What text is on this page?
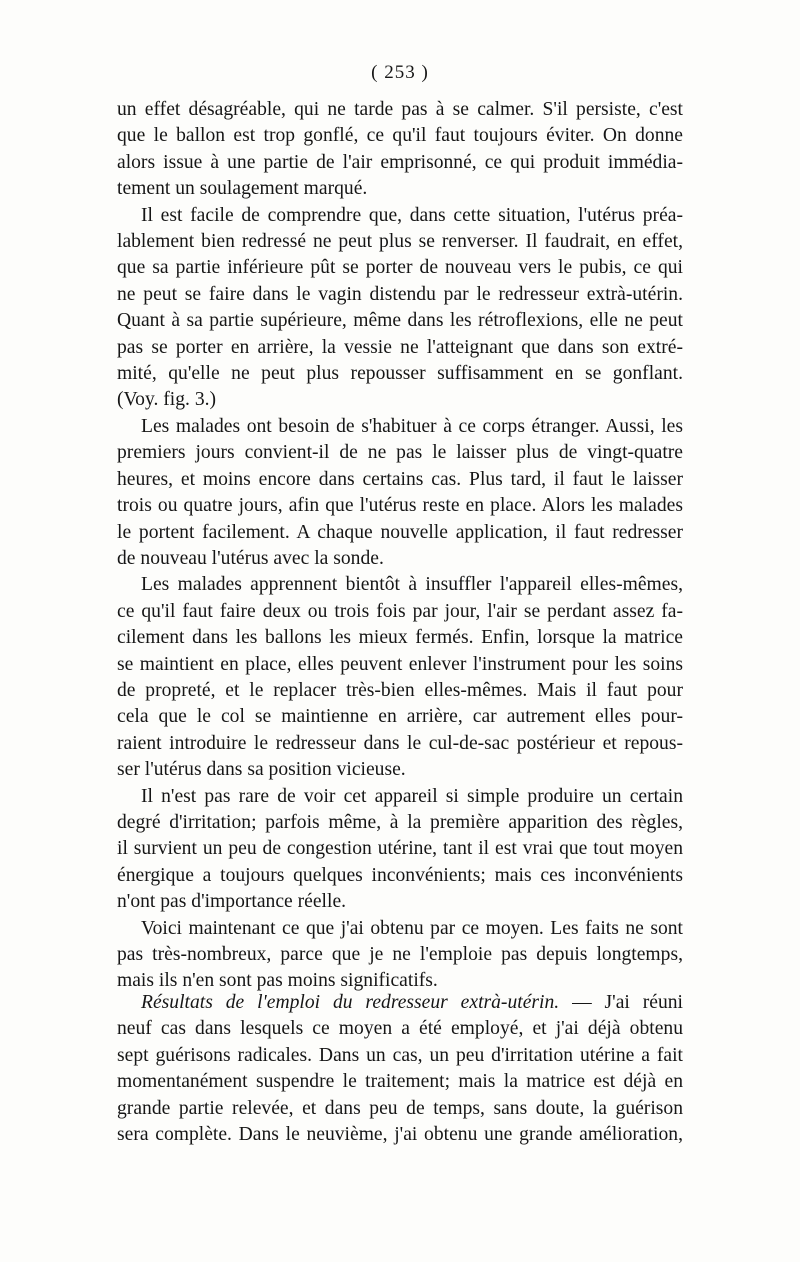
( 253 )

un effet désagréable, qui ne tarde pas à se calmer. S'il persiste, c'est
que le ballon est trop gonflé, ce qu'il faut toujours éviter. On donne
alors issue à une partie de l'air emprisonné, ce qui produit immédia-
tement un soulagement marqué.

Il est facile de comprendre que, dans cette situation, l'utérus préa-
lablement bien redressé ne peut plus se renverser. Il faudrait, en effet,
que sa partie inférieure pût se porter de nouveau vers le pubis, ce qui
ne peut se faire dans le vagin distendu par le redresseur extrà-utérin.
Quant à sa partie supérieure, même dans les rétroflexions, elle ne peut
pas se porter en arrière, la vessie ne l'atteignant que dans son extré-
mité, qu'elle ne peut plus repousser suffisamment en se gonflant.
(Voy. fig. 3.)

Les malades ont besoin de s'habituer à ce corps étranger. Aussi, les
premiers jours convient-il de ne pas le laisser plus de vingt-quatre
heures, et moins encore dans certains cas. Plus tard, il faut le laisser
trois ou quatre jours, afin que l'utérus reste en place. Alors les malades
le portent facilement. A chaque nouvelle application, il faut redresser
de nouveau l'utérus avec la sonde.

Les malades apprennent bientôt à insuffler l'appareil elles-mêmes,
ce qu'il faut faire deux ou trois fois par jour, l'air se perdant assez fa-
cilement dans les ballons les mieux fermés. Enfin, lorsque la matrice
se maintient en place, elles peuvent enlever l'instrument pour les soins
de propreté, et le replacer très-bien elles-mêmes. Mais il faut pour
cela que le col se maintienne en arrière, car autrement elles pour-
raient introduire le redresseur dans le cul-de-sac postérieur et repous-
ser l'utérus dans sa position vicieuse.

Il n'est pas rare de voir cet appareil si simple produire un certain
degré d'irritation; parfois même, à la première apparition des règles,
il survient un peu de congestion utérine, tant il est vrai que tout moyen
énergique a toujours quelques inconvénients; mais ces inconvénients
n'ont pas d'importance réelle.

Voici maintenant ce que j'ai obtenu par ce moyen. Les faits ne sont
pas très-nombreux, parce que je ne l'emploie pas depuis longtemps,
mais ils n'en sont pas moins significatifs.

Résultats de l'emploi du redresseur extrà-utérin. — J'ai réuni
neuf cas dans lesquels ce moyen a été employé, et j'ai déjà obtenu
sept guérisons radicales. Dans un cas, un peu d'irritation utérine a fait
momentanément suspendre le traitement; mais la matrice est déjà en
grande partie relevée, et dans peu de temps, sans doute, la guérison
sera complète. Dans le neuvième, j'ai obtenu une grande amélioration,
